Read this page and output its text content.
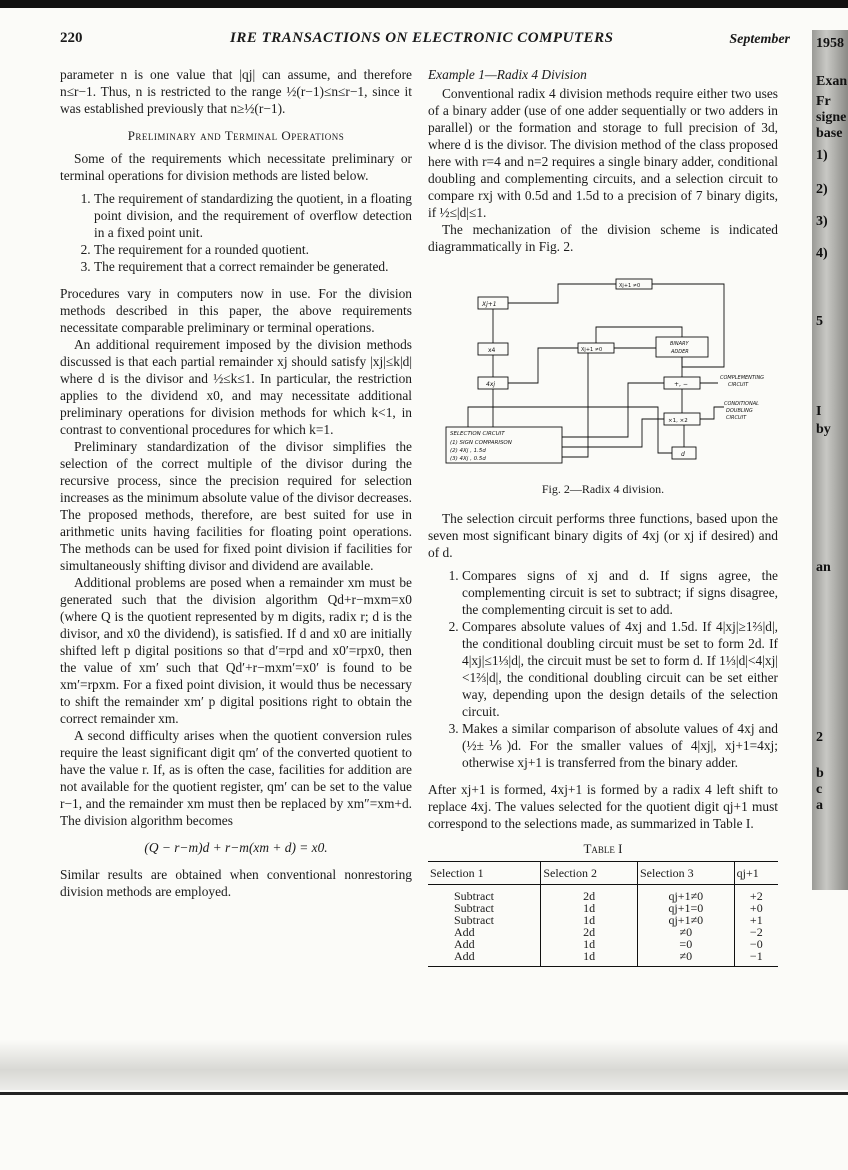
220	IRE TRANSACTIONS ON ELECTRONIC COMPUTERS	September

parameter n is one value that |qj| can assume, and therefore n≤r−1. Thus, n is restricted to the range ½(r−1)≤n≤r−1, since it was established previously that n≥½(r−1).

Preliminary and Terminal Operations

Some of the requirements which necessitate preliminary or terminal operations for division methods are listed below.

1. The requirement of standardizing the quotient, in a floating point division, and the requirement of overflow detection in a fixed point unit.
2. The requirement for a rounded quotient.
3. The requirement that a correct remainder be generated.

Procedures vary in computers now in use. For the division methods described in this paper, the above requirements necessitate comparable preliminary or terminal operations.

An additional requirement imposed by the division methods discussed is that each partial remainder xj should satisfy |xj|≤k|d| where d is the divisor and ½≤k≤1. In particular, the restriction applies to the dividend x0, and may necessitate additional preliminary operations for division methods for which k<1, in contrast to conventional procedures for which k=1.

Preliminary standardization of the divisor simplifies the selection of the correct multiple of the divisor during the recursive process, since the precision required for selection increases as the minimum absolute value of the divisor decreases. The proposed methods, therefore, are best suited for use in arithmetic units having facilities for floating point operations. The methods can be used for fixed point division if facilities for simultaneously shifting divisor and dividend are available.

Additional problems are posed when a remainder xm must be generated such that the division algorithm Qd+r−mxm=x0 (where Q is the quotient represented by m digits, radix r; d is the divisor, and x0 the dividend), is satisfied. If d and x0 are initially shifted left p digital positions so that d′=rpd and x0′=rpx0, then the value of xm′ such that Qd′+r−mxm′=x0′ is found to be xm′=rpxm. For a fixed point division, it would thus be necessary to shift the remainder xm′ p digital positions right to obtain the correct remainder xm.

A second difficulty arises when the quotient conversion rules require the least significant digit qm′ of the converted quotient to have the value r. If, as is often the case, facilities for addition are not available for the quotient register, qm′ can be set to the value r−1, and the remainder xm must then be replaced by xm″=xm+d. The division algorithm becomes

(Q − r−m)d + r−m(xm + d) = x0.

Similar results are obtained when conventional nonrestoring division methods are employed.

Example 1—Radix 4 Division

Conventional radix 4 division methods require either two uses of a binary adder (use of one adder sequentially or two adders in parallel) or the formation and storage to full precision of 3d, where d is the divisor. The division method of the class proposed here with r=4 and n=2 requires a single binary adder, conditional doubling and complementing circuits, and a selection circuit to compare rxj with 0.5d and 1.5d to a precision of 7 binary digits, if ½≤|d|≤1.

The mechanization of the division scheme is indicated diagrammatically in Fig. 2.

Xj+1
x4
4xj
Xj+1 ≠0
Xj+1 ≠0
BINARY
ADDER
+, −
×1, ×2
d
COMPLEMENTING
CIRCUIT
CONDITIONAL
DOUBLING
CIRCUIT
SELECTION CIRCUIT
(1) SIGN COMPARISON
(2) 4Xj , 1.5d
(3) 4Xj , 0.5d
Fig. 2—Radix 4 division.

The selection circuit performs three functions, based upon the seven most significant binary digits of 4xj (or xj if desired) and of d.

1. Compares signs of xj and d. If signs agree, the complementing circuit is set to subtract; if signs disagree, the complementing circuit is set to add.
2. Compares absolute values of 4xj and 1.5d. If 4|xj|≥1⅔|d|, the conditional doubling circuit must be set to form 2d. If 4|xj|≤1⅓|d|, the circuit must be set to form d. If 1⅓|d|<4|xj|<1⅔|d|, the conditional doubling circuit can be set either way, depending upon the design details of the selection circuit.
3. Makes a similar comparison of absolute values of 4xj and (½±⅙)d. For the smaller values of 4|xj|, xj+1=4xj; otherwise xj+1 is transferred from the binary adder.

After xj+1 is formed, 4xj+1 is formed by a radix 4 left shift to replace 4xj. The values selected for the quotient digit qj+1 must correspond to the selections made, as summarized in Table I.

Table I
Selection 1	Selection 2	Selection 3	qj+1
Subtract	2d	qj+1≠0	+2
Subtract	1d	qj+1=0	+0
Subtract	1d	qj+1≠0	+1
Add	2d	≠0	−2
Add	1d	=0	−0
Add	1d	≠0	−1
1958
Exan
Fr
signe
base
1)
2)
3)
4)
5
I
by
an
2
b
c
a
